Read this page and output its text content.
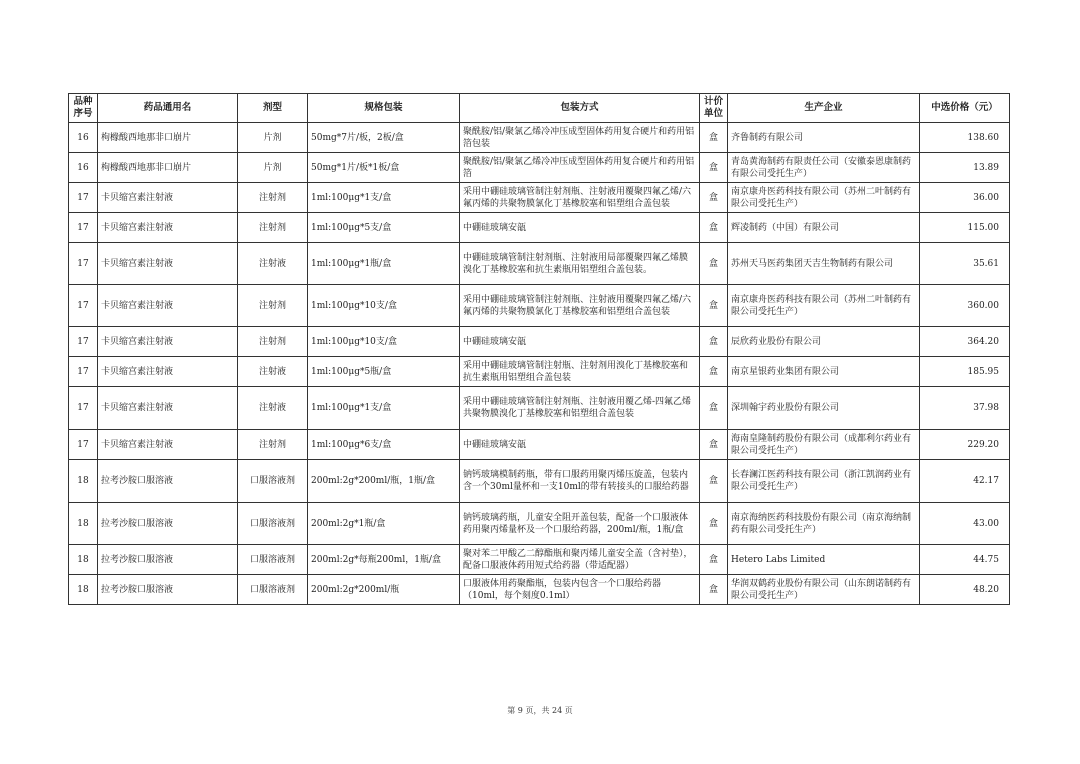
品种序号	药品通用名	剂型	规格包装	包装方式	计价单位	生产企业	中选价格（元）
16	枸橼酸西地那非口崩片	片剂	50mg*7片/板，2板/盒	聚酰胺/铝/聚氯乙烯冷冲压成型固体药用复合硬片和药用铝箔包装	盒	齐鲁制药有限公司	138.60
16	枸橼酸西地那非口崩片	片剂	50mg*1片/板*1板/盒	聚酰胺/铝/聚氯乙烯冷冲压成型固体药用复合硬片和药用铝箔	盒	青岛黄海制药有限责任公司（安徽泰恩康制药有限公司受托生产）	13.89
17	卡贝缩宫素注射液	注射剂	1ml:100μg*1支/盒	采用中硼硅玻璃管制注射剂瓶、注射液用覆聚四氟乙烯/六氟丙烯的共聚物膜氯化丁基橡胶塞和铝塑组合盖包装	盒	南京康舟医药科技有限公司（苏州二叶制药有限公司受托生产）	36.00
17	卡贝缩宫素注射液	注射剂	1ml:100μg*5支/盒	中硼硅玻璃安瓿	盒	辉凌制药（中国）有限公司	115.00
17	卡贝缩宫素注射液	注射液	1ml:100μg*1瓶/盒	中硼硅玻璃管制注射剂瓶、注射液用局部覆聚四氟乙烯膜溴化丁基橡胶塞和抗生素瓶用铝塑组合盖包装。	盒	苏州天马医药集团天吉生物制药有限公司	35.61
17	卡贝缩宫素注射液	注射剂	1ml:100μg*10支/盒	采用中硼硅玻璃管制注射剂瓶、注射液用覆聚四氟乙烯/六氟丙烯的共聚物膜氯化丁基橡胶塞和铝塑组合盖包装	盒	南京康舟医药科技有限公司（苏州二叶制药有限公司受托生产）	360.00
17	卡贝缩宫素注射液	注射剂	1ml:100μg*10支/盒	中硼硅玻璃安瓿	盒	辰欣药业股份有限公司	364.20
17	卡贝缩宫素注射液	注射液	1ml:100μg*5瓶/盒	采用中硼硅玻璃管制注射瓶、注射剂用溴化丁基橡胶塞和抗生素瓶用铝塑组合盖包装	盒	南京星银药业集团有限公司	185.95
17	卡贝缩宫素注射液	注射液	1ml:100μg*1支/盒	采用中硼硅玻璃管制注射剂瓶、注射液用覆乙烯-四氟乙烯共聚物膜溴化丁基橡胶塞和铝塑组合盖包装	盒	深圳翰宇药业股份有限公司	37.98
17	卡贝缩宫素注射液	注射剂	1ml:100μg*6支/盒	中硼硅玻璃安瓿	盒	海南皇隆制药股份有限公司（成都利尔药业有限公司受托生产）	229.20
18	拉考沙胺口服溶液	口服溶液剂	200ml:2g*200ml/瓶，1瓶/盒	钠钙玻璃模制药瓶，带有口服药用聚丙烯压旋盖，包装内含一个30ml量杯和一支10ml的带有转接头的口服给药器	盒	长春澜江医药科技有限公司（浙江凯润药业有限公司受托生产）	42.17
18	拉考沙胺口服溶液	口服溶液剂	200ml:2g*1瓶/盒	钠钙玻璃药瓶，儿童安全阻开盖包装，配备一个口服液体药用聚丙烯量杯及一个口服给药器，200ml/瓶，1瓶/盒	盒	南京海纳医药科技股份有限公司（南京海纳制药有限公司受托生产）	43.00
18	拉考沙胺口服溶液	口服溶液剂	200ml:2g*每瓶200ml，1瓶/盒	聚对苯二甲酸乙二醇酯瓶和聚丙烯儿童安全盖（含衬垫），配备口服液体药用短式给药器（带适配器）	盒	Hetero Labs Limited	44.75
18	拉考沙胺口服溶液	口服溶液剂	200ml:2g*200ml/瓶	口服液体用药聚酯瓶，包装内包含一个口服给药器（10ml，每个刻度0.1ml）	盒	华润双鹤药业股份有限公司（山东朗诺制药有限公司受托生产）	48.20
第 9 页，共 24 页
